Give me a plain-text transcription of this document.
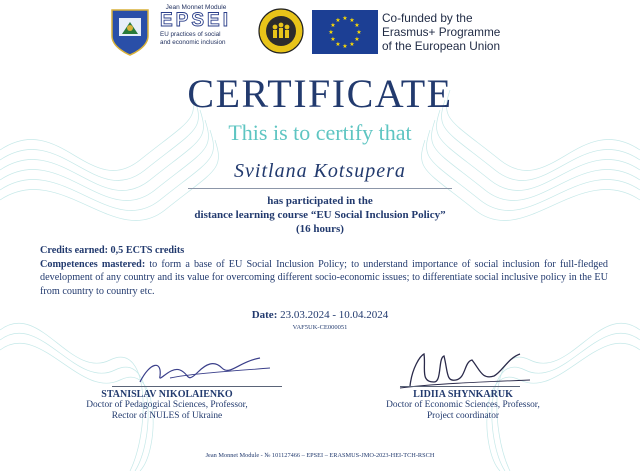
Jean Monnet Module
EPSEI
EU practices of social
and economic inclusion
★ ★
★
★
★
★
★
★
★
★
★
★	Co-funded by the
Erasmus+ Programme
of the European Union
CERTIFICATE
This is to certify that
Svitlana Kotsupera
has participated in the
distance learning course “EU Social Inclusion Policy”
(16 hours)
Credits earned: 0,5 ECTS credits
Competences mastered: to form a base of EU Social Inclusion Policy; to understand importance of social inclusion for full-fledged development of any country and its value for overcoming different socio-economic issues; to differentiate social inclusive policy in the EU from country to country etc.
Date: 23.03.2024 - 10.04.2024
VAF5UK-CE000051
STANISLAV NIKOLAIENKO
Doctor of Pedagogical Sciences, Professor,
Rector of NULES of Ukraine
LIDIIA SHYNKARUK
Doctor of Economic Sciences, Professor,
Project coordinator
Jean Monnet Module - № 101127466 – EPSEI – ERASMUS-JMO-2023-HEI-TCH-RSCH
